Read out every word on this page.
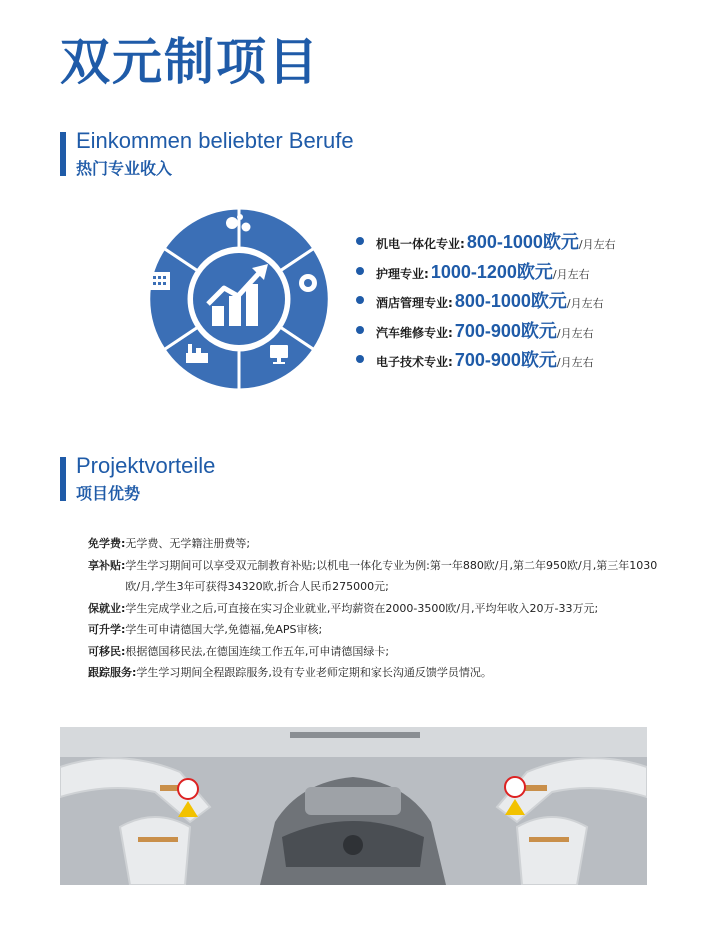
双元制项目
Einkommen beliebter Berufe
热门专业收入
机电一体化专业: 800-1000欧元 /月左右
护理专业: 1000-1200欧元 /月左右
酒店管理专业: 800-1000欧元 /月左右
汽车维修专业: 700-900欧元 /月左右
电子技术专业: 700-900欧元 /月左右
Projektvorteile
项目优势
免学费: 无学费、无学籍注册费等;
享补贴: 学生学习期间可以享受双元制教育补贴;以机电一体化专业为例:第一年880欧/月,第二年950欧/月,第三年1030欧/月,学生3年可获得34320欧,折合人民币275000元;
保就业: 学生完成学业之后,可直接在实习企业就业,平均薪资在2000-3500欧/月,平均年收入20万-33万元;
可升学: 学生可申请德国大学,免德福,免APS审核;
可移民: 根据德国移民法,在德国连续工作五年,可申请德国绿卡;
跟踪服务: 学生学习期间全程跟踪服务,设有专业老师定期和家长沟通反馈学员情况。
